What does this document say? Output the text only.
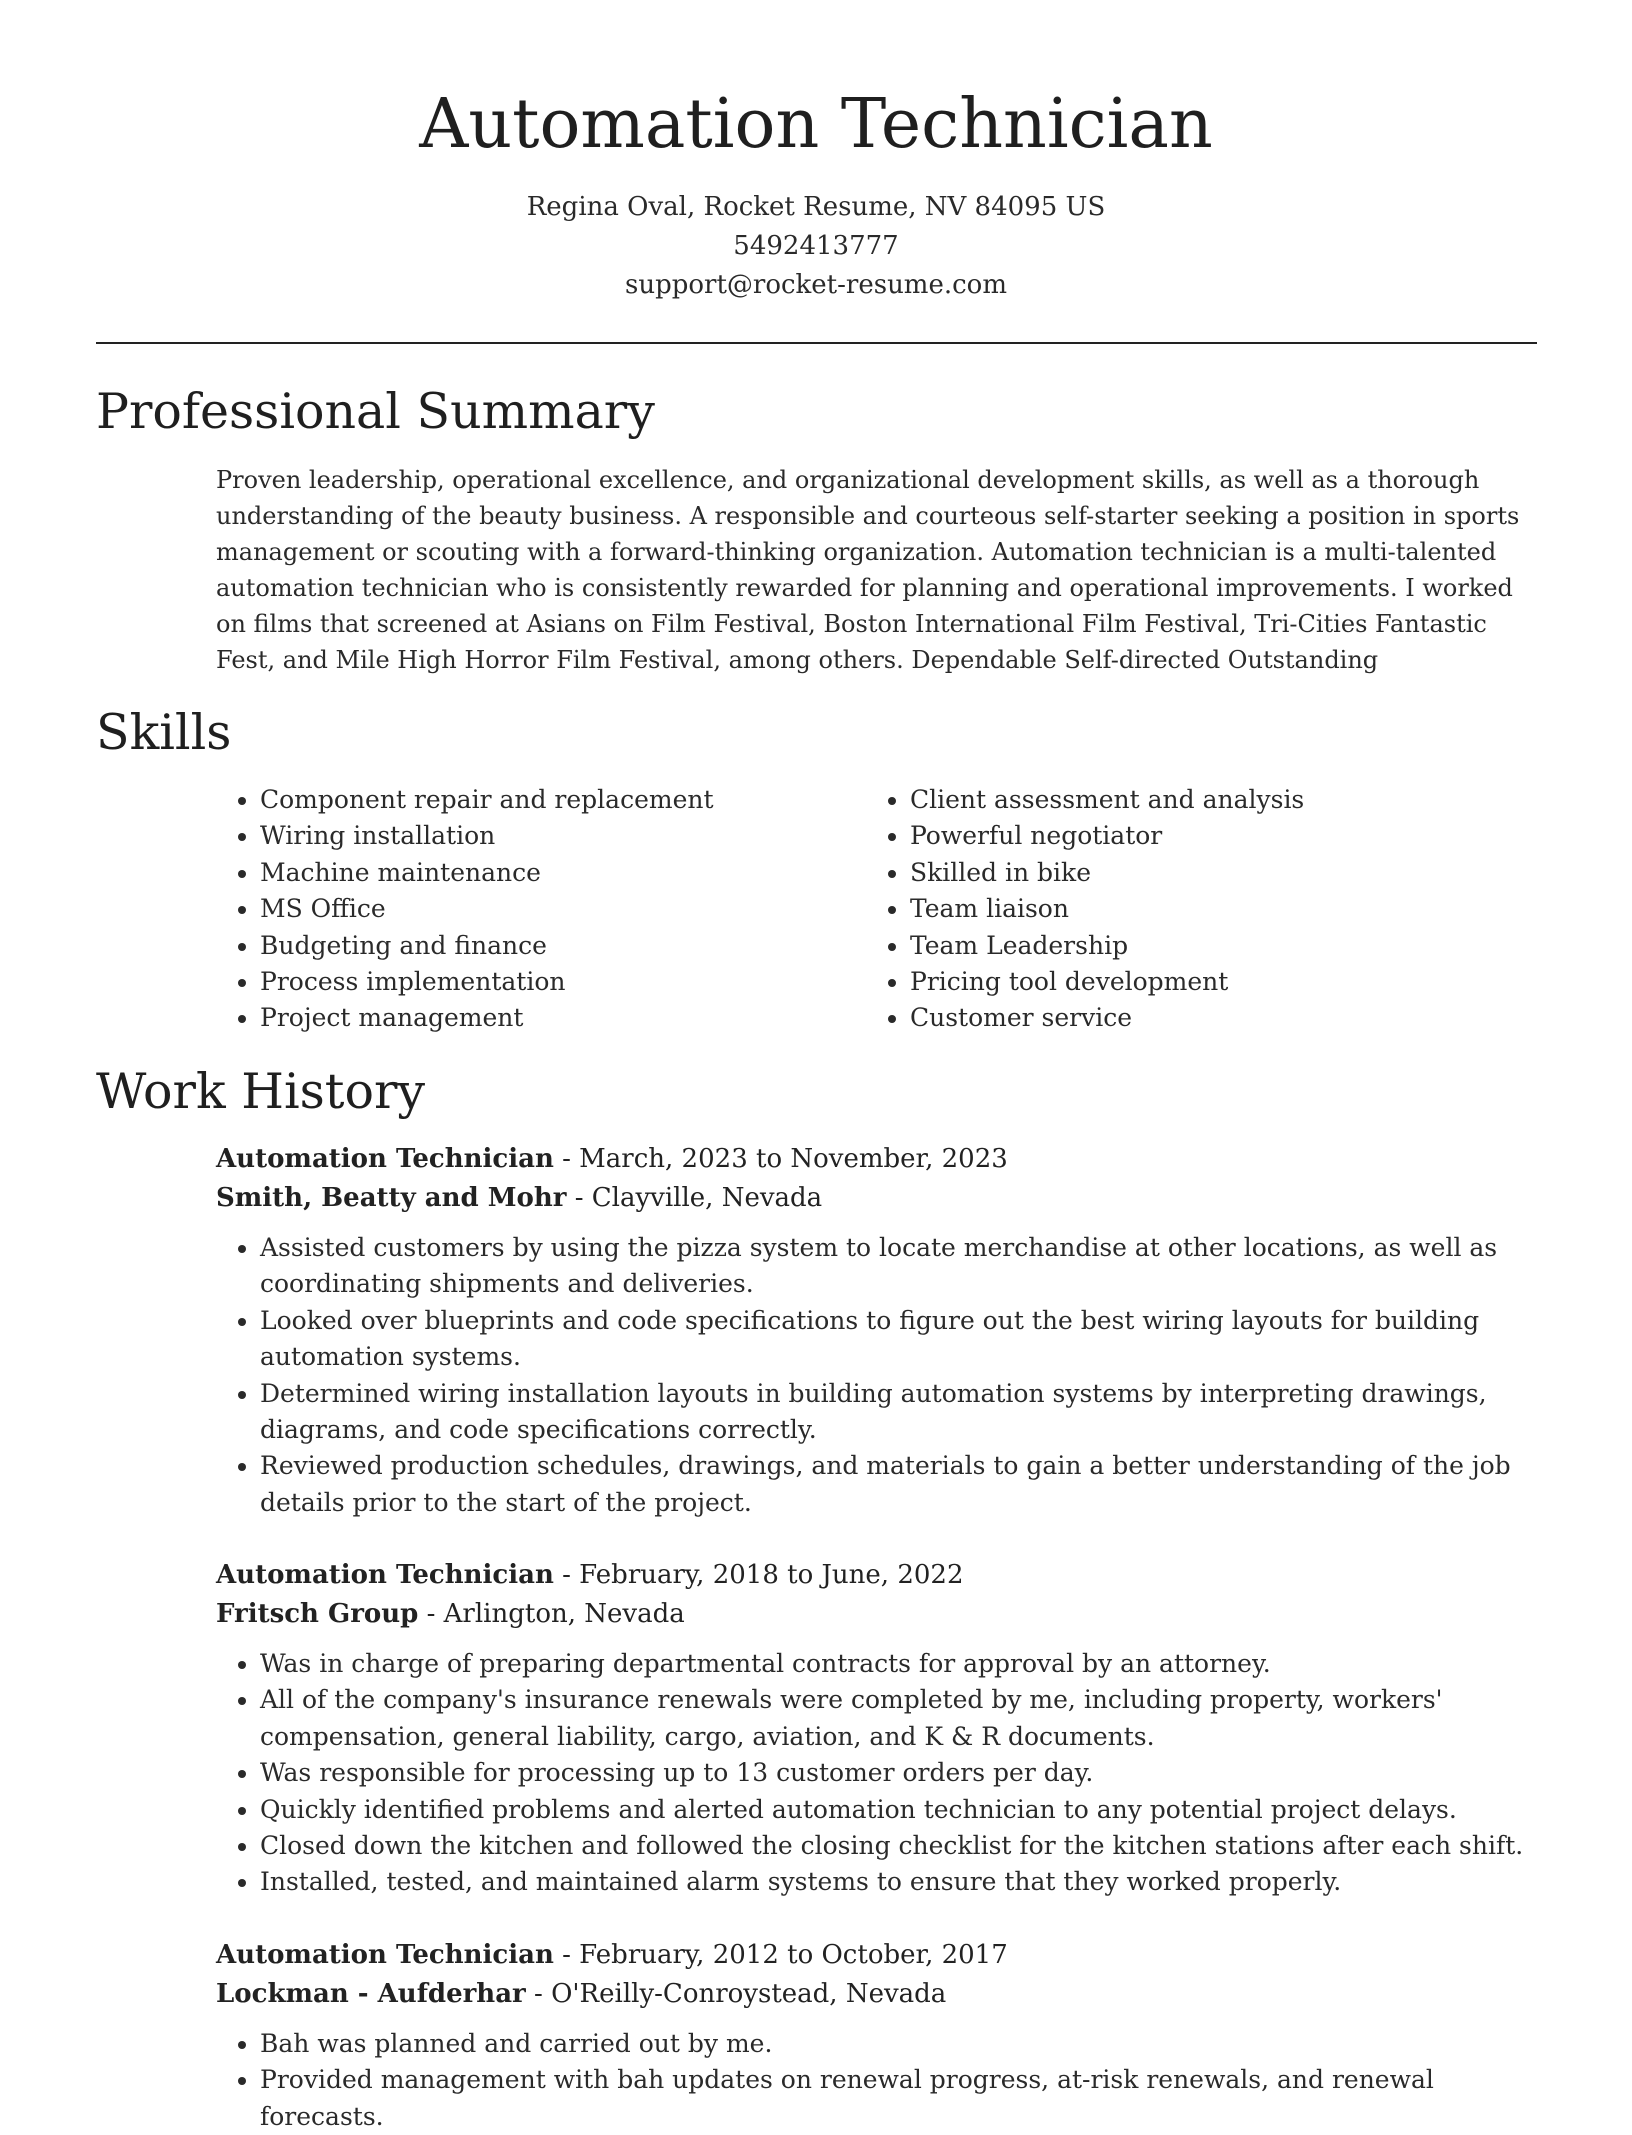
Automation Technician
Regina Oval, Rocket Resume, NV 84095 US
5492413777
support@rocket-resume.com
Professional Summary

Proven leadership, operational excellence, and organizational development skills, as well as a thorough understanding of the beauty business. A responsible and courteous self-starter seeking a position in sports management or scouting with a forward-thinking organization. Automation technician is a multi-talented automation technician who is consistently rewarded for planning and operational improvements. I worked on films that screened at Asians on Film Festival, Boston International Film Festival, Tri-Cities Fantastic Fest, and Mile High Horror Film Festival, among others. Dependable Self-directed Outstanding

Skills
• Component repair and replacement
• Wiring installation
• Machine maintenance
• MS Office
• Budgeting and finance
• Process implementation
• Project management
• Client assessment and analysis
• Powerful negotiator
• Skilled in bike
• Team liaison
• Team Leadership
• Pricing tool development
• Customer service
Work History
Automation Technician - March, 2023 to November, 2023
Smith, Beatty and Mohr - Clayville, Nevada
• Assisted customers by using the pizza system to locate merchandise at other locations, as well as coordinating shipments and deliveries.
• Looked over blueprints and code specifications to figure out the best wiring layouts for building automation systems.
• Determined wiring installation layouts in building automation systems by interpreting drawings, diagrams, and code specifications correctly.
• Reviewed production schedules, drawings, and materials to gain a better understanding of the job details prior to the start of the project.
Automation Technician - February, 2018 to June, 2022
Fritsch Group - Arlington, Nevada
• Was in charge of preparing departmental contracts for approval by an attorney.
• All of the company's insurance renewals were completed by me, including property, workers' compensation, general liability, cargo, aviation, and K & R documents.
• Was responsible for processing up to 13 customer orders per day.
• Quickly identified problems and alerted automation technician to any potential project delays.
• Closed down the kitchen and followed the closing checklist for the kitchen stations after each shift.
• Installed, tested, and maintained alarm systems to ensure that they worked properly.
Automation Technician - February, 2012 to October, 2017
Lockman - Aufderhar - O'Reilly-Conroystead, Nevada
• Bah was planned and carried out by me.
• Provided management with bah updates on renewal progress, at-risk renewals, and renewal forecasts.
